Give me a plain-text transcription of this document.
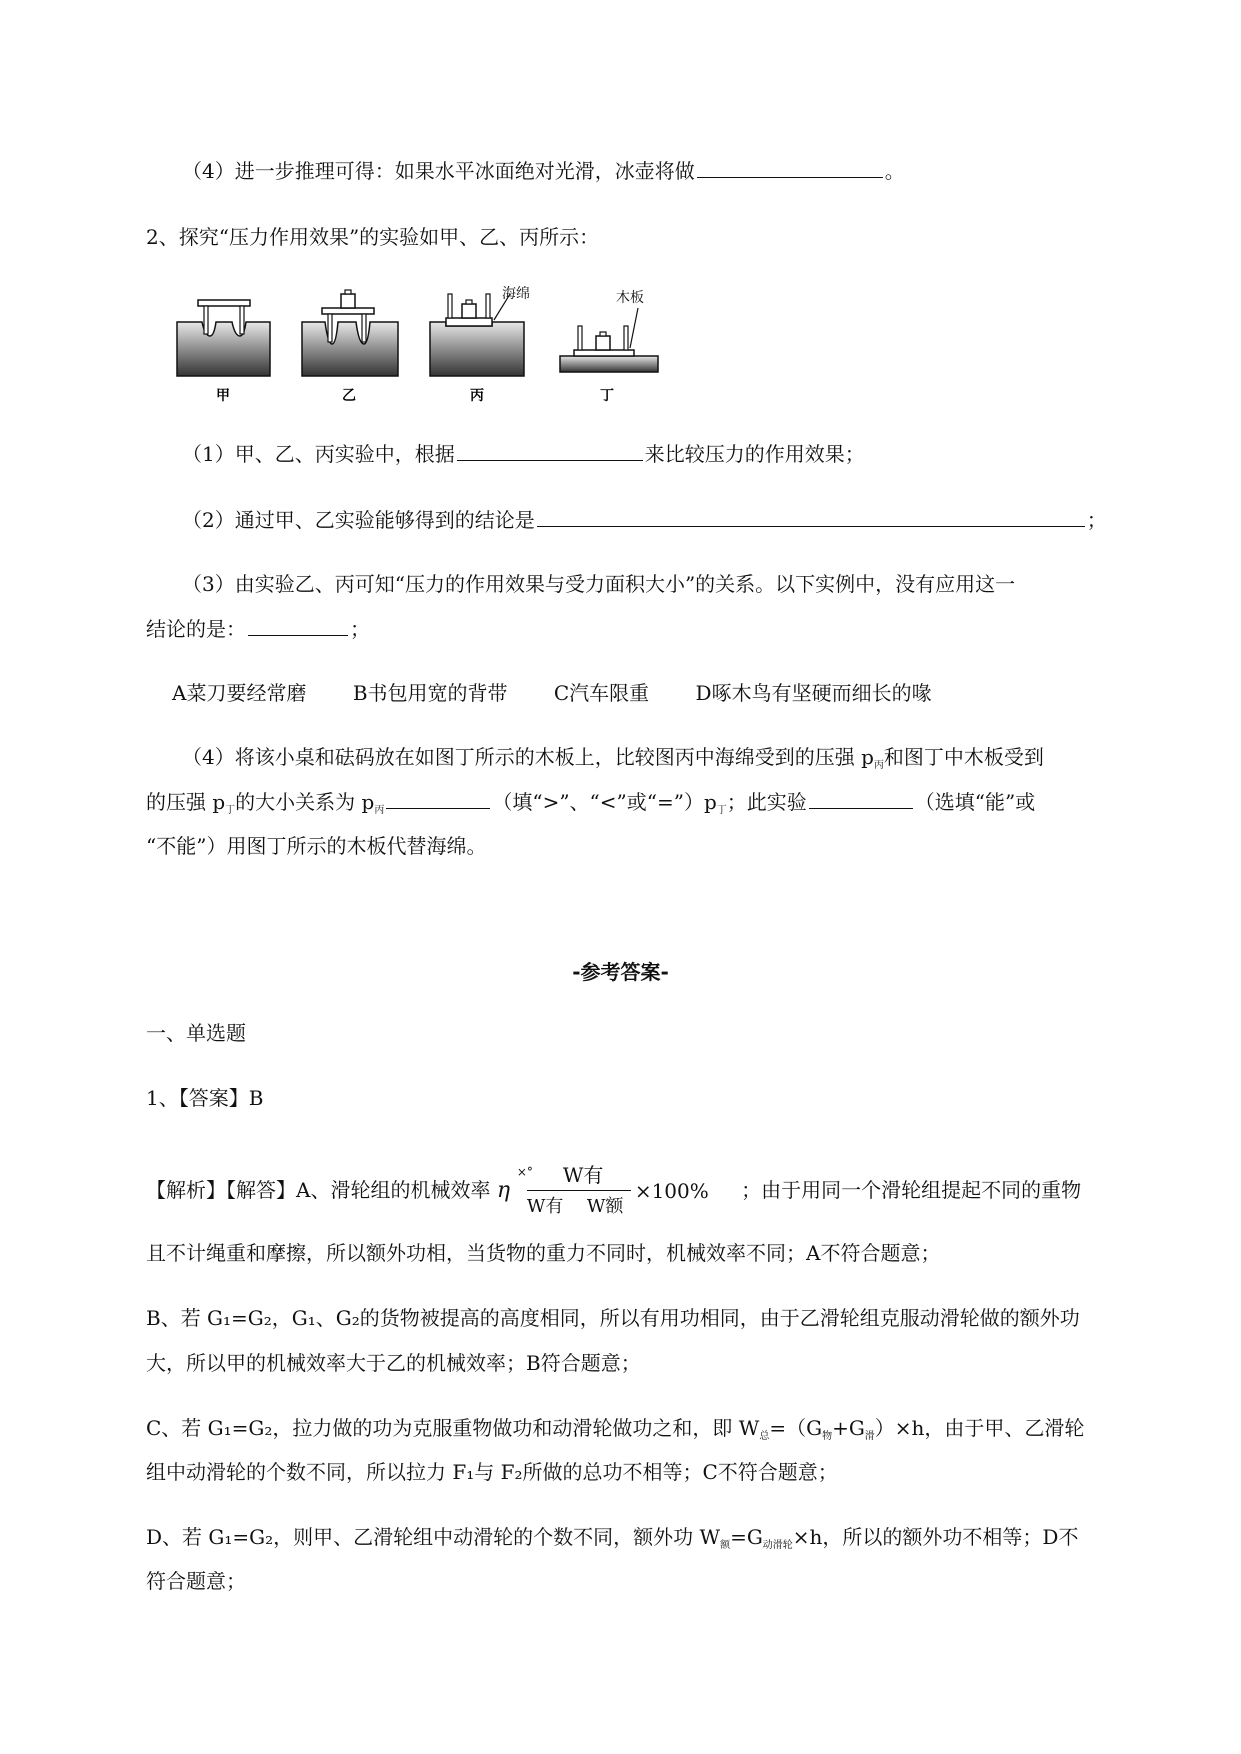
（4）进一步推理可得：如果水平冰面绝对光滑，冰壶将做	。
2、探究“压力作用效果”的实验如甲、乙、丙所示：
海绵	木板
甲	乙	丙	丁
（1）甲、乙、丙实验中，根据	来比较压力的作用效果；
（2）通过甲、乙实验能够得到的结论是	；
（3）由实验乙、丙可知“压力的作用效果与受力面积大小”的关系。以下实例中，没有应用这一
结论的是：	；
A菜刀要经常磨 B书包用宽的背带 C汽车限重 D啄木鸟有坚硬而细长的喙
（4）将该小桌和砝码放在如图丁所示的木板上，比较图丙中海绵受到的压强 $p_丙$和图丁中木板受到
的压强 $p_丁$的大小关系为 $p_丙$	（填“>”、“<”或“$=”)p_丁$；此实验	（选填“能”或
“不能”）用图丁所示的木板代替海绵。
-参考答案-
一、单选题
1、【答案】B
【解析】【解答】A、滑轮组的机械效率 η
×° W有
W有 W额
×100% ；由于用同一个滑轮组提起不同的重物
且不计绳重和摩擦，所以额外功相，当货物的重力不同时，机械效率不同；A不符合题意；
B、若 G₁=G₂，G₁、G₂的货物被提高的高度相同，所以有用功相同，由于乙滑轮组克服动滑轮做的额外功
大，所以甲的机械效率大于乙的机械效率；B符合题意；
C、若 G₁=G₂，拉力做的功为克服重物做功和动滑轮做功之和，即 $W_总=(G_物+G_滑)\times h$，由于甲、乙滑轮
组中动滑轮的个数不同，所以拉力 F₁与 F₂所做的总功不相等；C不符合题意；
D、若 G₁=G₂，则甲、乙滑轮组中动滑轮的个数不同，额外功 $W_额=G_{动滑轮}\times h$，所以的额外功不相等；D不
符合题意；
